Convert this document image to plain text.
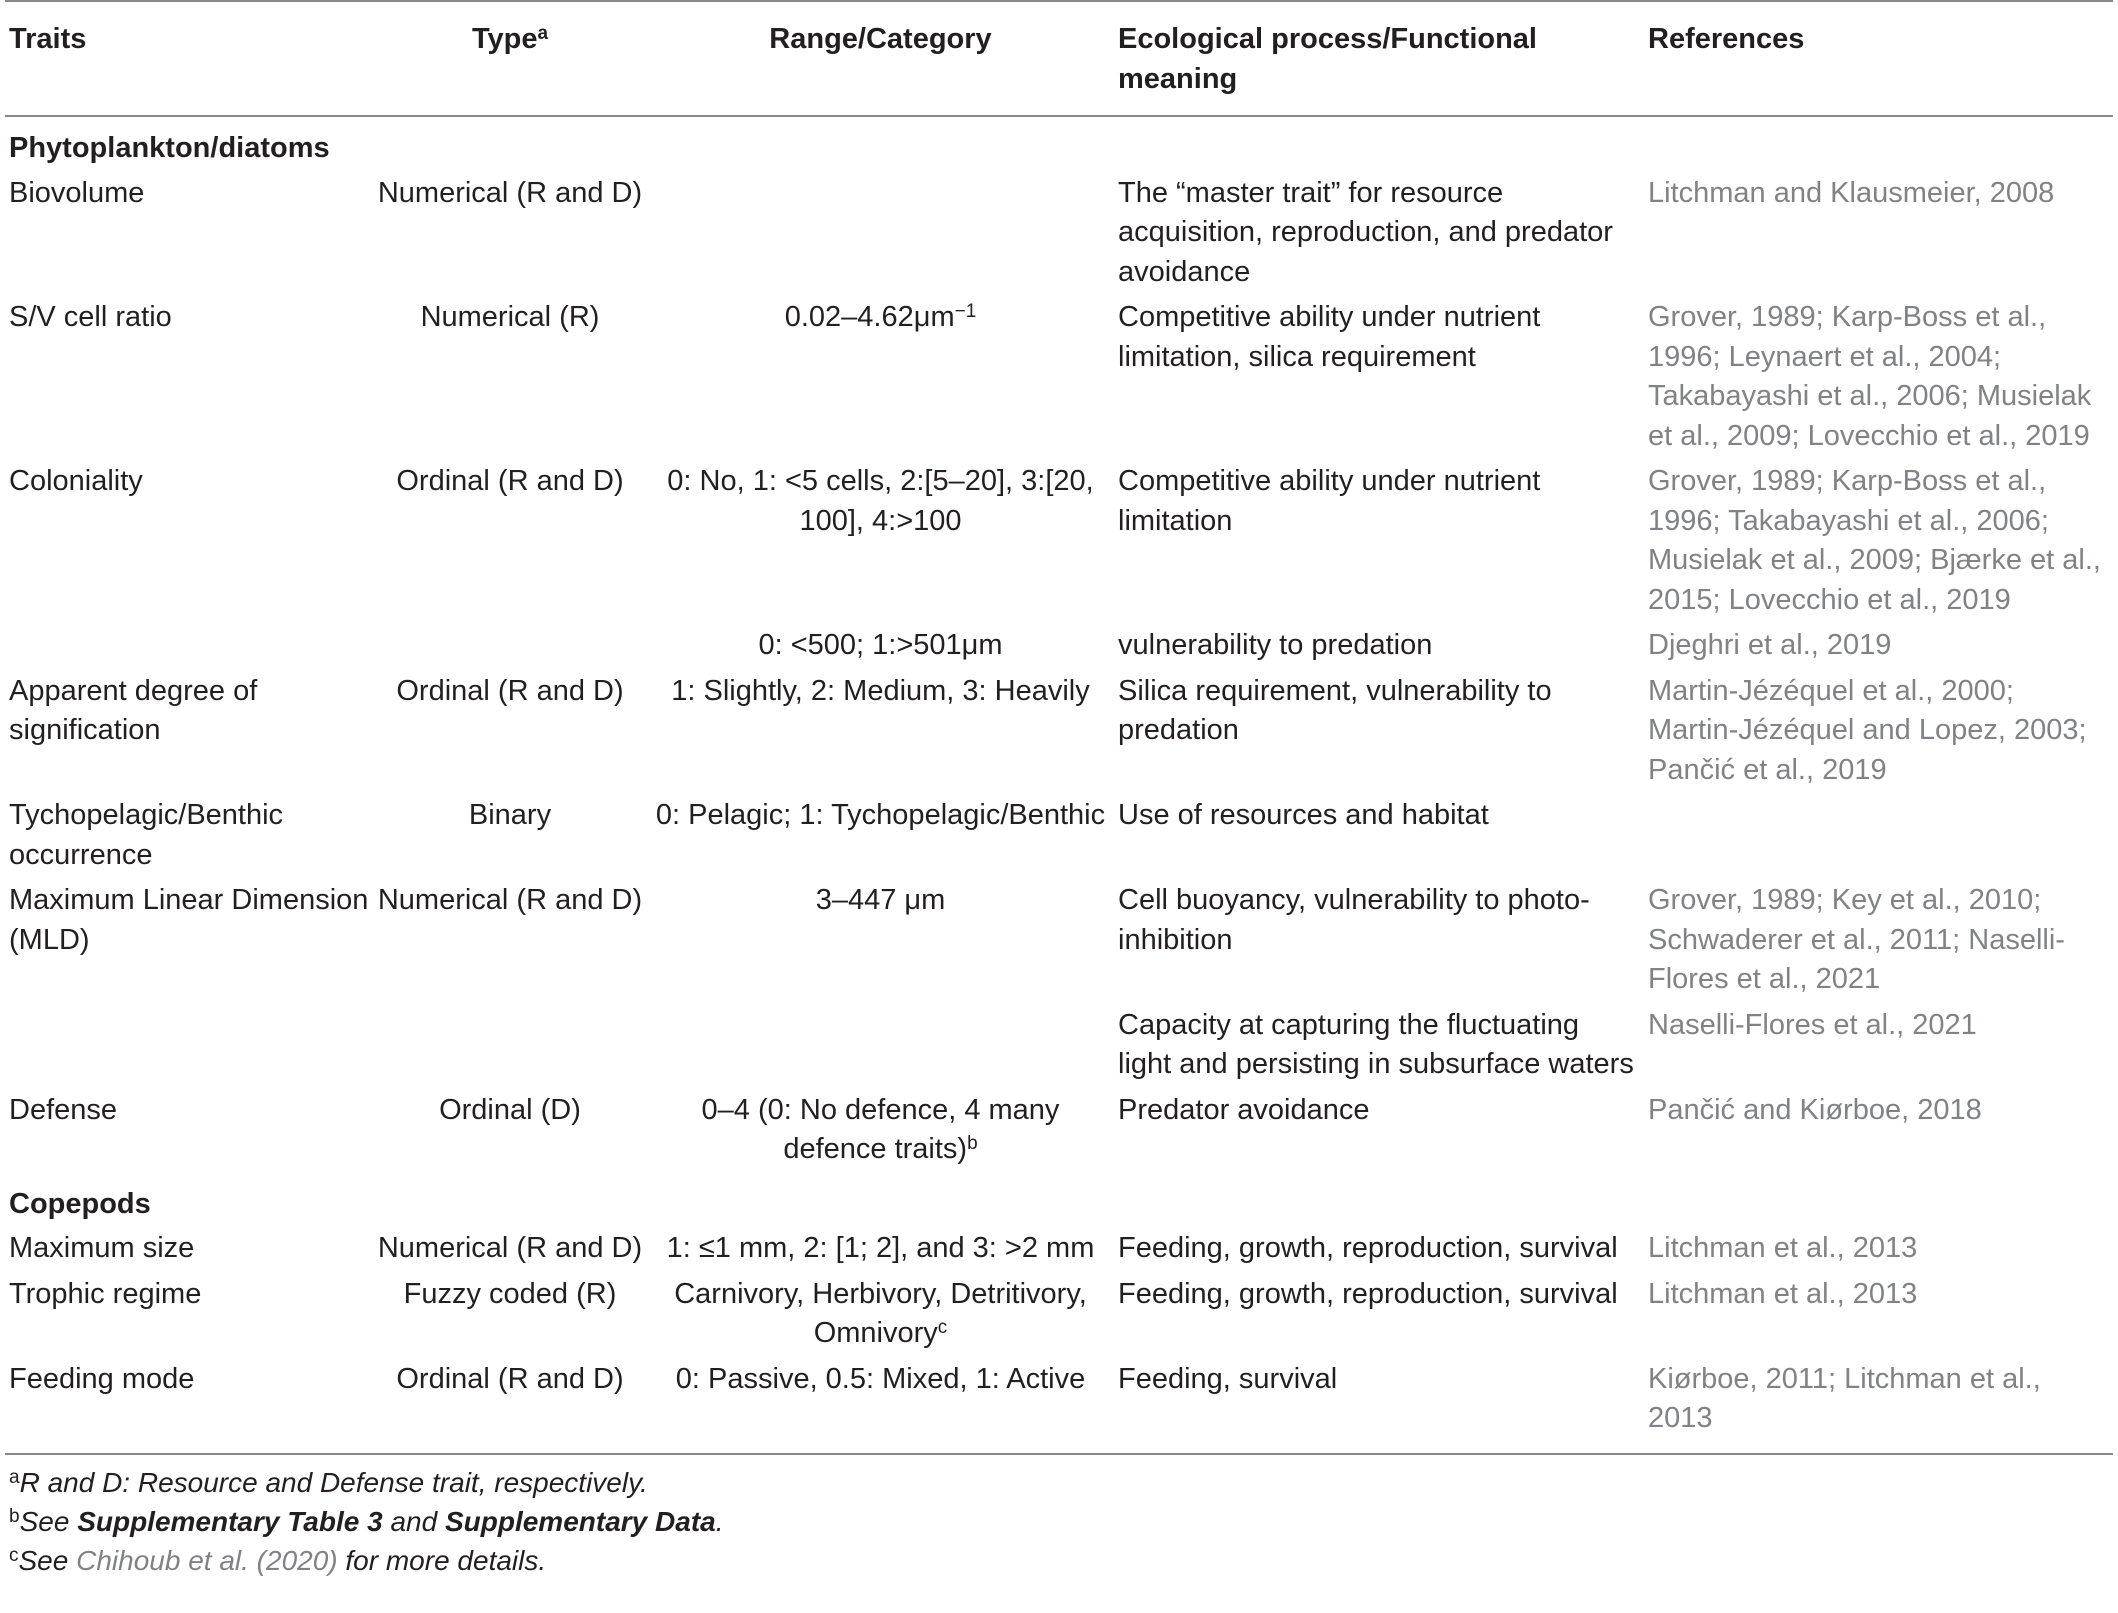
Traits	Type$^a$	Range/Category	Ecological process/Functional meaning	References
Phytoplankton/diatoms				
Biovolume	Numerical (R and D)		The “master trait” for resource acquisition, reproduction, and predator avoidance	Litchman and Klausmeier, 2008
S/V cell ratio	Numerical (R)	$0.02-4.62\mu m^{-1}$	Competitive ability under nutrient limitation, silica requirement	Grover, 1989; Karp-Boss et al., 1996; Leynaert et al., 2004; Takabayashi et al., 2006; Musielak et al., 2009; Lovecchio et al., 2019
Coloniality	Ordinal (R and D)	0: No, 1: <5 cells, 2:[5–20], 3:[20, 100], 4:>100	Competitive ability under nutrient limitation	Grover, 1989; Karp-Boss et al., 1996; Takabayashi et al., 2006; Musielak et al., 2009; Bjærke et al., 2015; Lovecchio et al., 2019
		0: <500; 1:>501μm	vulnerability to predation	Djeghri et al., 2019
Apparent degree of signification	Ordinal (R and D)	1: Slightly, 2: Medium, 3: Heavily	Silica requirement, vulnerability to predation	Martin-Jézéquel et al., 2000; Martin-Jézéquel and Lopez, 2003; Pančić et al., 2019
Tychopelagic/Benthic occurrence	Binary	0: Pelagic; 1: Tychopelagic/Benthic	Use of resources and habitat	
Maximum Linear Dimension (MLD)	Numerical (R and D)	3–447 μm	Cell buoyancy, vulnerability to photo-inhibition	Grover, 1989; Key et al., 2010; Schwaderer et al., 2011; Naselli-Flores et al., 2021
			Capacity at capturing the fluctuating light and persisting in subsurface waters	Naselli-Flores et al., 2021
Defense	Ordinal (D)	0–4 (0: No defence, 4 many defence traits)$^b$	Predator avoidance	Pančić and Kiørboe, 2018
Copepods				
Maximum size	Numerical (R and D)	1: ≤1 mm, 2: [1; 2], and 3: >2 mm	Feeding, growth, reproduction, survival	Litchman et al., 2013
Trophic regime	Fuzzy coded (R)	Carnivory, Herbivory, Detritivory, Omnivory$^c$	Feeding, growth, reproduction, survival	Litchman et al., 2013
Feeding mode	Ordinal (R and D)	0: Passive, 0.5: Mixed, 1: Active	Feeding, survival	Kiørboe, 2011; Litchman et al., 2013
$^a$R and D: Resource and Defense trait, respectively.
$^b$See Supplementary Table 3 and Supplementary Data.
$^c$See Chihoub et al. (2020) for more details.
